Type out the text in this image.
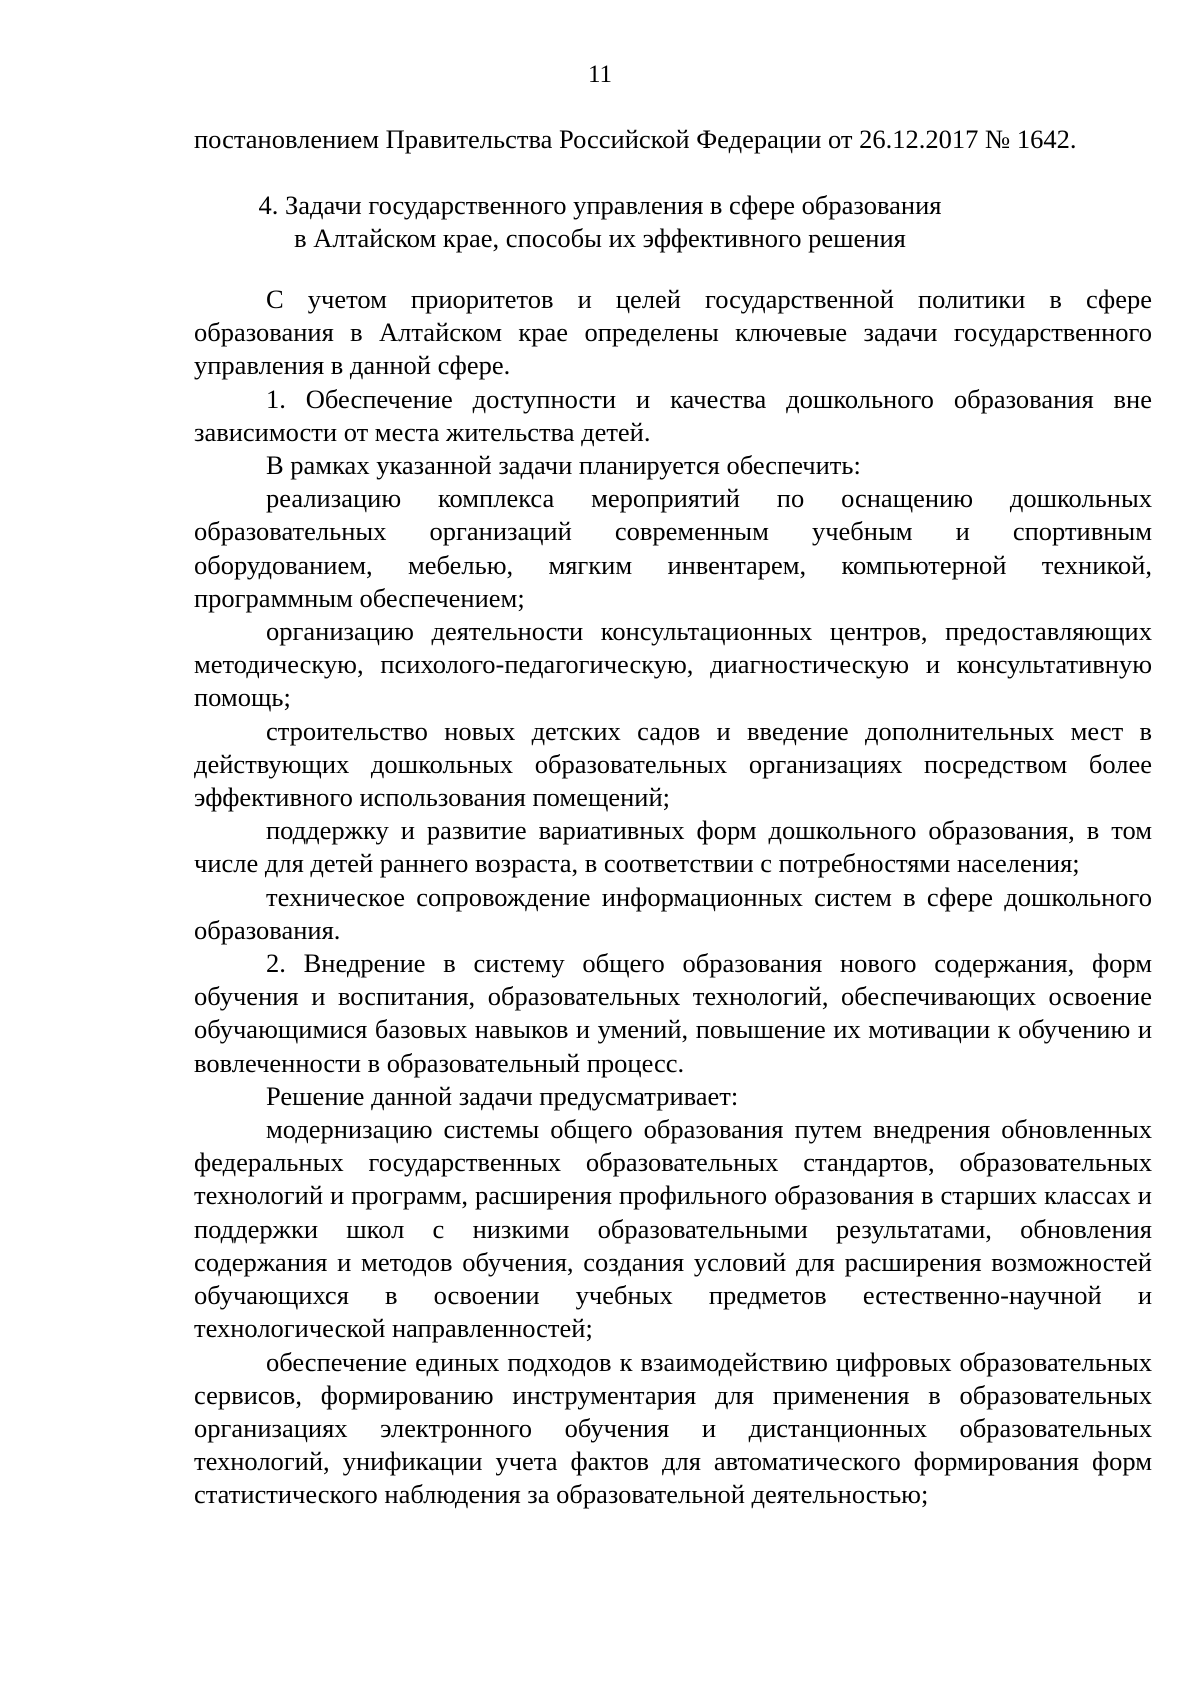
11
постановлением Правительства Российской Федерации от 26.12.2017 № 1642.
4. Задачи государственного управления в сфере образования
в Алтайском крае, способы их эффективного решения

С учетом приоритетов и целей государственной политики в сфере образования в Алтайском крае определены ключевые задачи государственного управления в данной сфере.

1. Обеспечение доступности и качества дошкольного образования вне зависимости от места жительства детей.

В рамках указанной задачи планируется обеспечить:

реализацию комплекса мероприятий по оснащению дошкольных образовательных организаций современным учебным и спортивным оборудованием, мебелью, мягким инвентарем, компьютерной техникой, программным обеспечением;

организацию деятельности консультационных центров, предоставляющих методическую, психолого-педагогическую, диагностическую и консультативную помощь;

строительство новых детских садов и введение дополнительных мест в действующих дошкольных образовательных организациях посредством более эффективного использования помещений;

поддержку и развитие вариативных форм дошкольного образования, в том числе для детей раннего возраста, в соответствии с потребностями населения;

техническое сопровождение информационных систем в сфере дошкольного образования.

2. Внедрение в систему общего образования нового содержания, форм обучения и воспитания, образовательных технологий, обеспечивающих освоение обучающимися базовых навыков и умений, повышение их мотивации к обучению и вовлеченности в образовательный процесс.

Решение данной задачи предусматривает:

модернизацию системы общего образования путем внедрения обновленных федеральных государственных образовательных стандартов, образовательных технологий и программ, расширения профильного образования в старших классах и поддержки школ с низкими образовательными результатами, обновления содержания и методов обучения, создания условий для расширения возможностей обучающихся в освоении учебных предметов естественно-научной и технологической направленностей;

обеспечение единых подходов к взаимодействию цифровых образовательных сервисов, формированию инструментария для применения в образовательных организациях электронного обучения и дистанционных образовательных технологий, унификации учета фактов для автоматического формирования форм статистического наблюдения за образовательной деятельностью;
